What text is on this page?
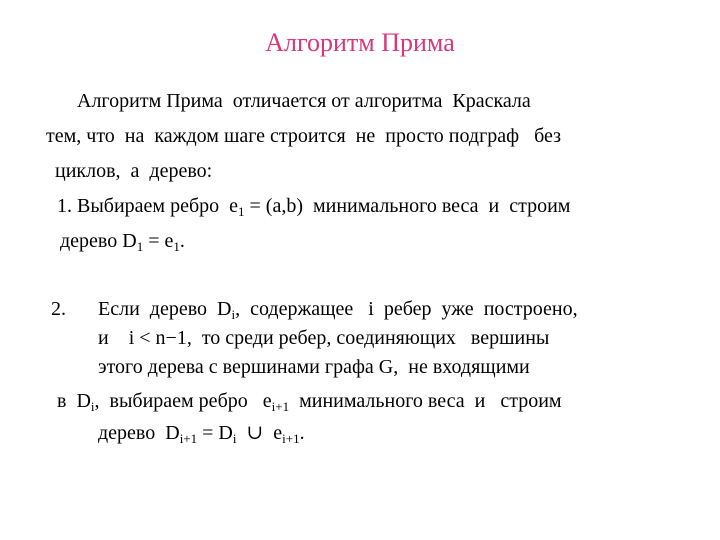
Алгоритм Прима
Алгоритм Прима  отличается от алгоритма  Краскала
тем, что  на  каждом шаге строится  не  просто подграф   без
циклов,  а  дерево:
1. Выбираем ребро  $e_1 = (a,b)$  минимального веса  и  строим
дерево $D_1 = e_1$.
2. Если  дерево  $D_i$,  содержащее   i  ребер  уже  построено,
и    i < n−1,  то среди ребер, соединяющих   вершины
этого дерева с вершинами графа G,  не входящими
в  $D_i$,  выбираем ребро   $e_{i+1}$  минимального веса  и   строим
дерево  $D_{i+1} = D_i$  ∪  $e_{i+1}$.
